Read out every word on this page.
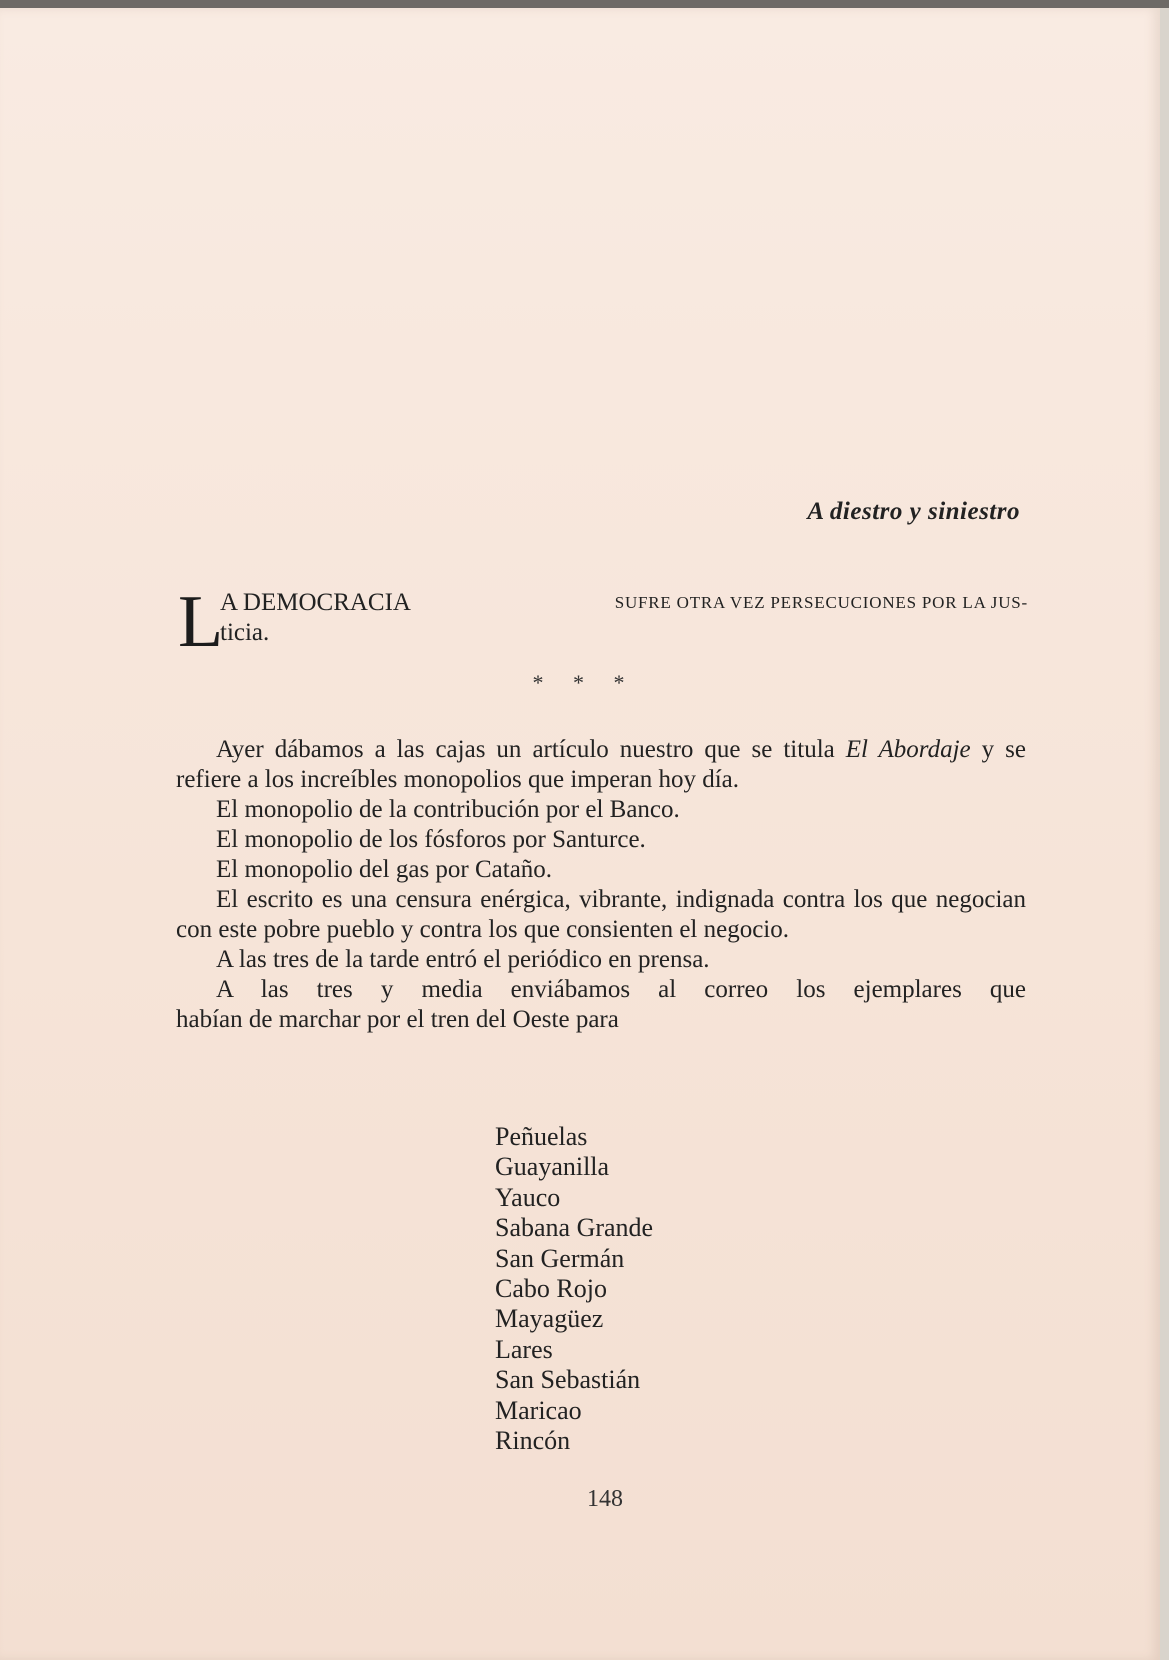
A diestro y siniestro
L
A DEMOCRACIA	SUFRE OTRA VEZ PERSECUCIONES POR LA JUS-
ticia.
* * *

Ayer dábamos a las cajas un artículo nuestro que se titula El Abordaje y se refiere a los increíbles monopolios que imperan hoy día.

El monopolio de la contribución por el Banco.

El monopolio de los fósforos por Santurce.

El monopolio del gas por Cataño.

El escrito es una censura enérgica, vibrante, indignada contra los que negocian con este pobre pueblo y contra los que consienten el negocio.

A las tres de la tarde entró el periódico en prensa.

A las tres y media enviábamos al correo los ejemplares que

habían de marchar por el tren del Oeste para

Peñuelas
Guayanilla
Yauco
Sabana Grande
San Germán
Cabo Rojo
Mayagüez
Lares
San Sebastián
Maricao
Rincón
148
